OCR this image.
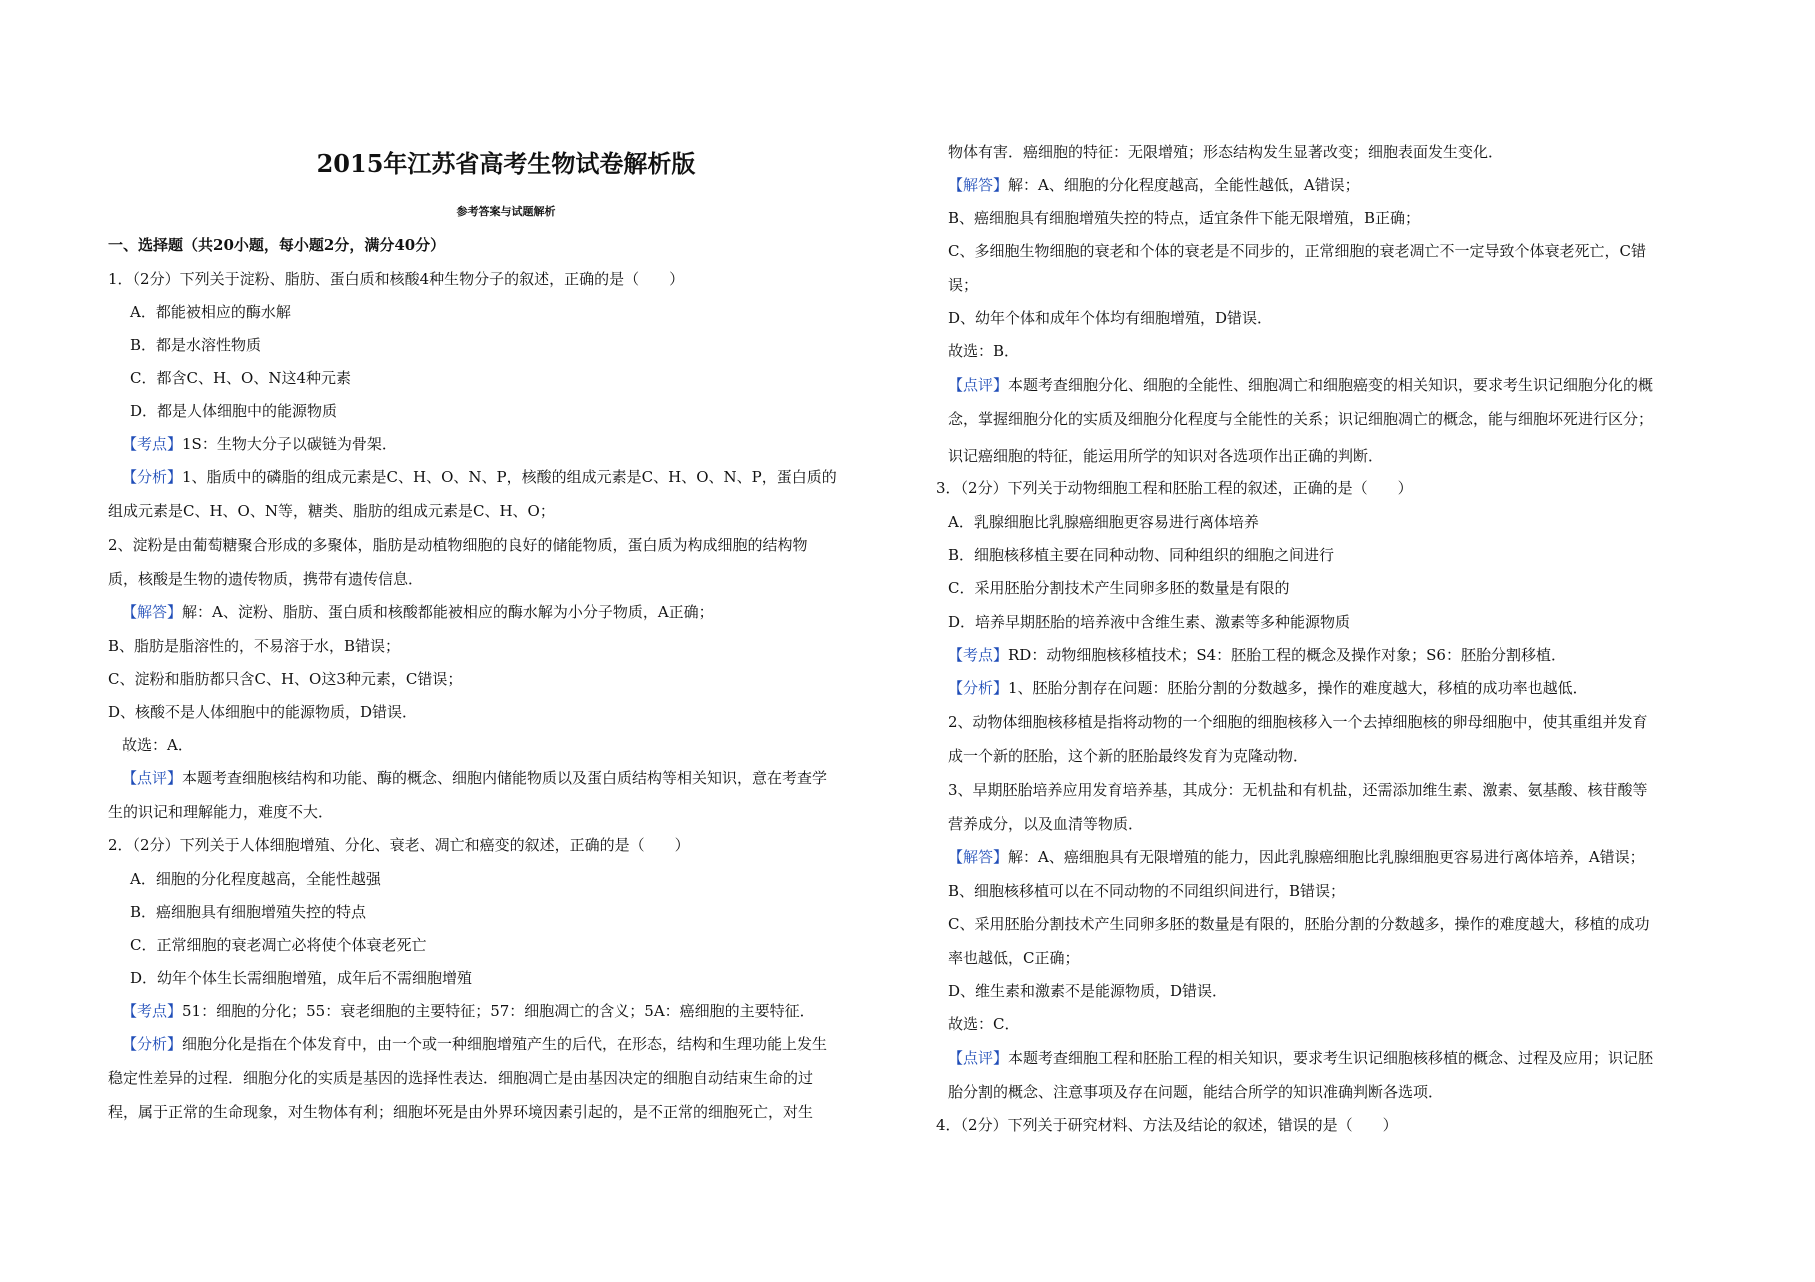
2015年江苏省高考生物试卷解析版
参考答案与试题解析
一、选择题（共20小题，每小题2分，满分40分）
1．（2分）下列关于淀粉、脂肪、蛋白质和核酸4种生物分子的叙述，正确的是（　　）
A．都能被相应的酶水解
B．都是水溶性物质
C．都含C、H、O、N这4种元素
D．都是人体细胞中的能源物质
【考点】1S：生物大分子以碳链为骨架．
【分析】1、脂质中的磷脂的组成元素是C、H、O、N、P，核酸的组成元素是C、H、O、N、P，蛋白质的
组成元素是C、H、O、N等，糖类、脂肪的组成元素是C、H、O；
2、淀粉是由葡萄糖聚合形成的多聚体，脂肪是动植物细胞的良好的储能物质，蛋白质为构成细胞的结构物
质，核酸是生物的遗传物质，携带有遗传信息．
【解答】解：A、淀粉、脂肪、蛋白质和核酸都能被相应的酶水解为小分子物质，A正确；
B、脂肪是脂溶性的，不易溶于水，B错误；
C、淀粉和脂肪都只含C、H、O这3种元素，C错误；
D、核酸不是人体细胞中的能源物质，D错误．
故选：A．
【点评】本题考查细胞核结构和功能、酶的概念、细胞内储能物质以及蛋白质结构等相关知识，意在考查学
生的识记和理解能力，难度不大．
2．（2分）下列关于人体细胞增殖、分化、衰老、凋亡和癌变的叙述，正确的是（　　）
A．细胞的分化程度越高，全能性越强
B．癌细胞具有细胞增殖失控的特点
C．正常细胞的衰老凋亡必将使个体衰老死亡
D．幼年个体生长需细胞增殖，成年后不需细胞增殖
【考点】51：细胞的分化；55：衰老细胞的主要特征；57：细胞凋亡的含义；5A：癌细胞的主要特征．
【分析】细胞分化是指在个体发育中，由一个或一种细胞增殖产生的后代，在形态，结构和生理功能上发生
稳定性差异的过程．细胞分化的实质是基因的选择性表达．细胞凋亡是由基因决定的细胞自动结束生命的过
程，属于正常的生命现象，对生物体有利；细胞坏死是由外界环境因素引起的，是不正常的细胞死亡，对生
物体有害．癌细胞的特征：无限增殖；形态结构发生显著改变；细胞表面发生变化．
【解答】解：A、细胞的分化程度越高，全能性越低，A错误；
B、癌细胞具有细胞增殖失控的特点，适宜条件下能无限增殖，B正确；
C、多细胞生物细胞的衰老和个体的衰老是不同步的，正常细胞的衰老凋亡不一定导致个体衰老死亡，C错
误；
D、幼年个体和成年个体均有细胞增殖，D错误．
故选：B．
【点评】本题考查细胞分化、细胞的全能性、细胞凋亡和细胞癌变的相关知识，要求考生识记细胞分化的概
念，掌握细胞分化的实质及细胞分化程度与全能性的关系；识记细胞凋亡的概念，能与细胞坏死进行区分；
识记癌细胞的特征，能运用所学的知识对各选项作出正确的判断．
3．（2分）下列关于动物细胞工程和胚胎工程的叙述，正确的是（　　）
A．乳腺细胞比乳腺癌细胞更容易进行离体培养
B．细胞核移植主要在同种动物、同种组织的细胞之间进行
C．采用胚胎分割技术产生同卵多胚的数量是有限的
D．培养早期胚胎的培养液中含维生素、激素等多种能源物质
【考点】RD：动物细胞核移植技术；S4：胚胎工程的概念及操作对象；S6：胚胎分割移植．
【分析】1、胚胎分割存在问题：胚胎分割的分数越多，操作的难度越大，移植的成功率也越低．
2、动物体细胞核移植是指将动物的一个细胞的细胞核移入一个去掉细胞核的卵母细胞中，使其重组并发育
成一个新的胚胎，这个新的胚胎最终发育为克隆动物．
3、早期胚胎培养应用发育培养基，其成分：无机盐和有机盐，还需添加维生素、激素、氨基酸、核苷酸等
营养成分，以及血清等物质．
【解答】解：A、癌细胞具有无限增殖的能力，因此乳腺癌细胞比乳腺细胞更容易进行离体培养，A错误；
B、细胞核移植可以在不同动物的不同组织间进行，B错误；
C、采用胚胎分割技术产生同卵多胚的数量是有限的，胚胎分割的分数越多，操作的难度越大，移植的成功
率也越低，C正确；
D、维生素和激素不是能源物质，D错误．
故选：C．
【点评】本题考查细胞工程和胚胎工程的相关知识，要求考生识记细胞核移植的概念、过程及应用；识记胚
胎分割的概念、注意事项及存在问题，能结合所学的知识准确判断各选项．
4．（2分）下列关于研究材料、方法及结论的叙述，错误的是（　　）
